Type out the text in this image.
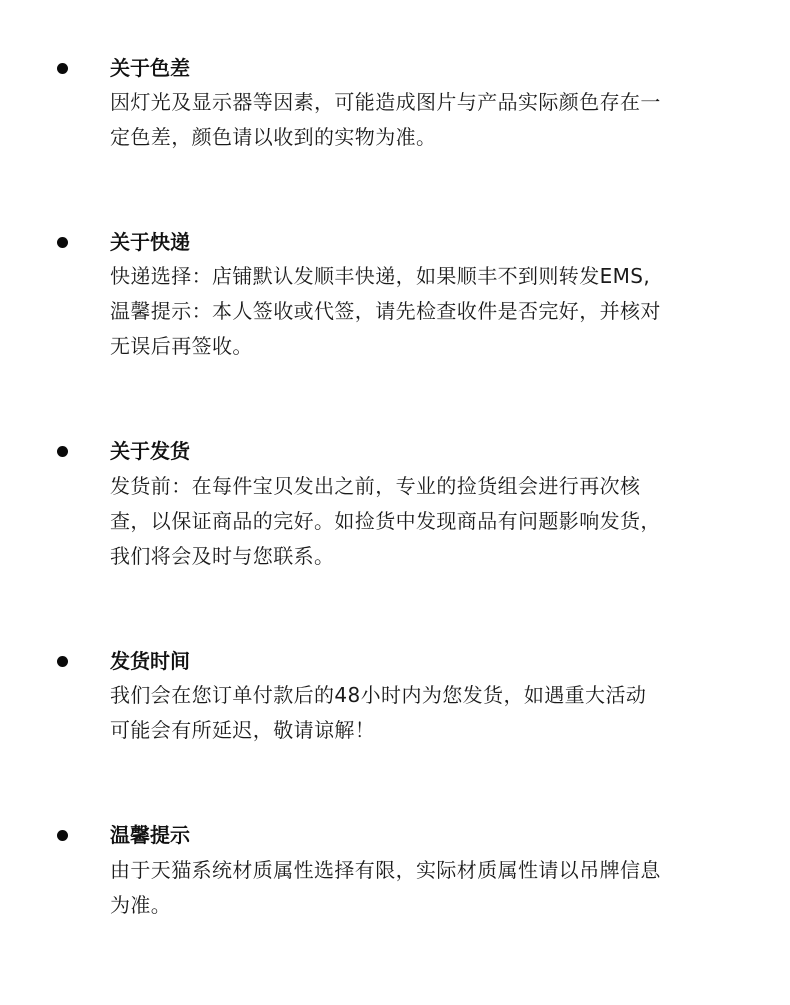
关于色差
因灯光及显示器等因素，可能造成图片与产品实际颜色存在一
定色差，颜色请以收到的实物为准。
关于快递
快递选择：店铺默认发顺丰快递，如果顺丰不到则转发EMS,
温馨提示：本人签收或代签，请先检查收件是否完好，并核对
无误后再签收。
关于发货
发货前：在每件宝贝发出之前，专业的捡货组会进行再次核
查，以保证商品的完好。如捡货中发现商品有问题影响发货，
我们将会及时与您联系。
发货时间
我们会在您订单付款后的48小时内为您发货，如遇重大活动
可能会有所延迟，敬请谅解！
温馨提示
由于天猫系统材质属性选择有限，实际材质属性请以吊牌信息
为准。
